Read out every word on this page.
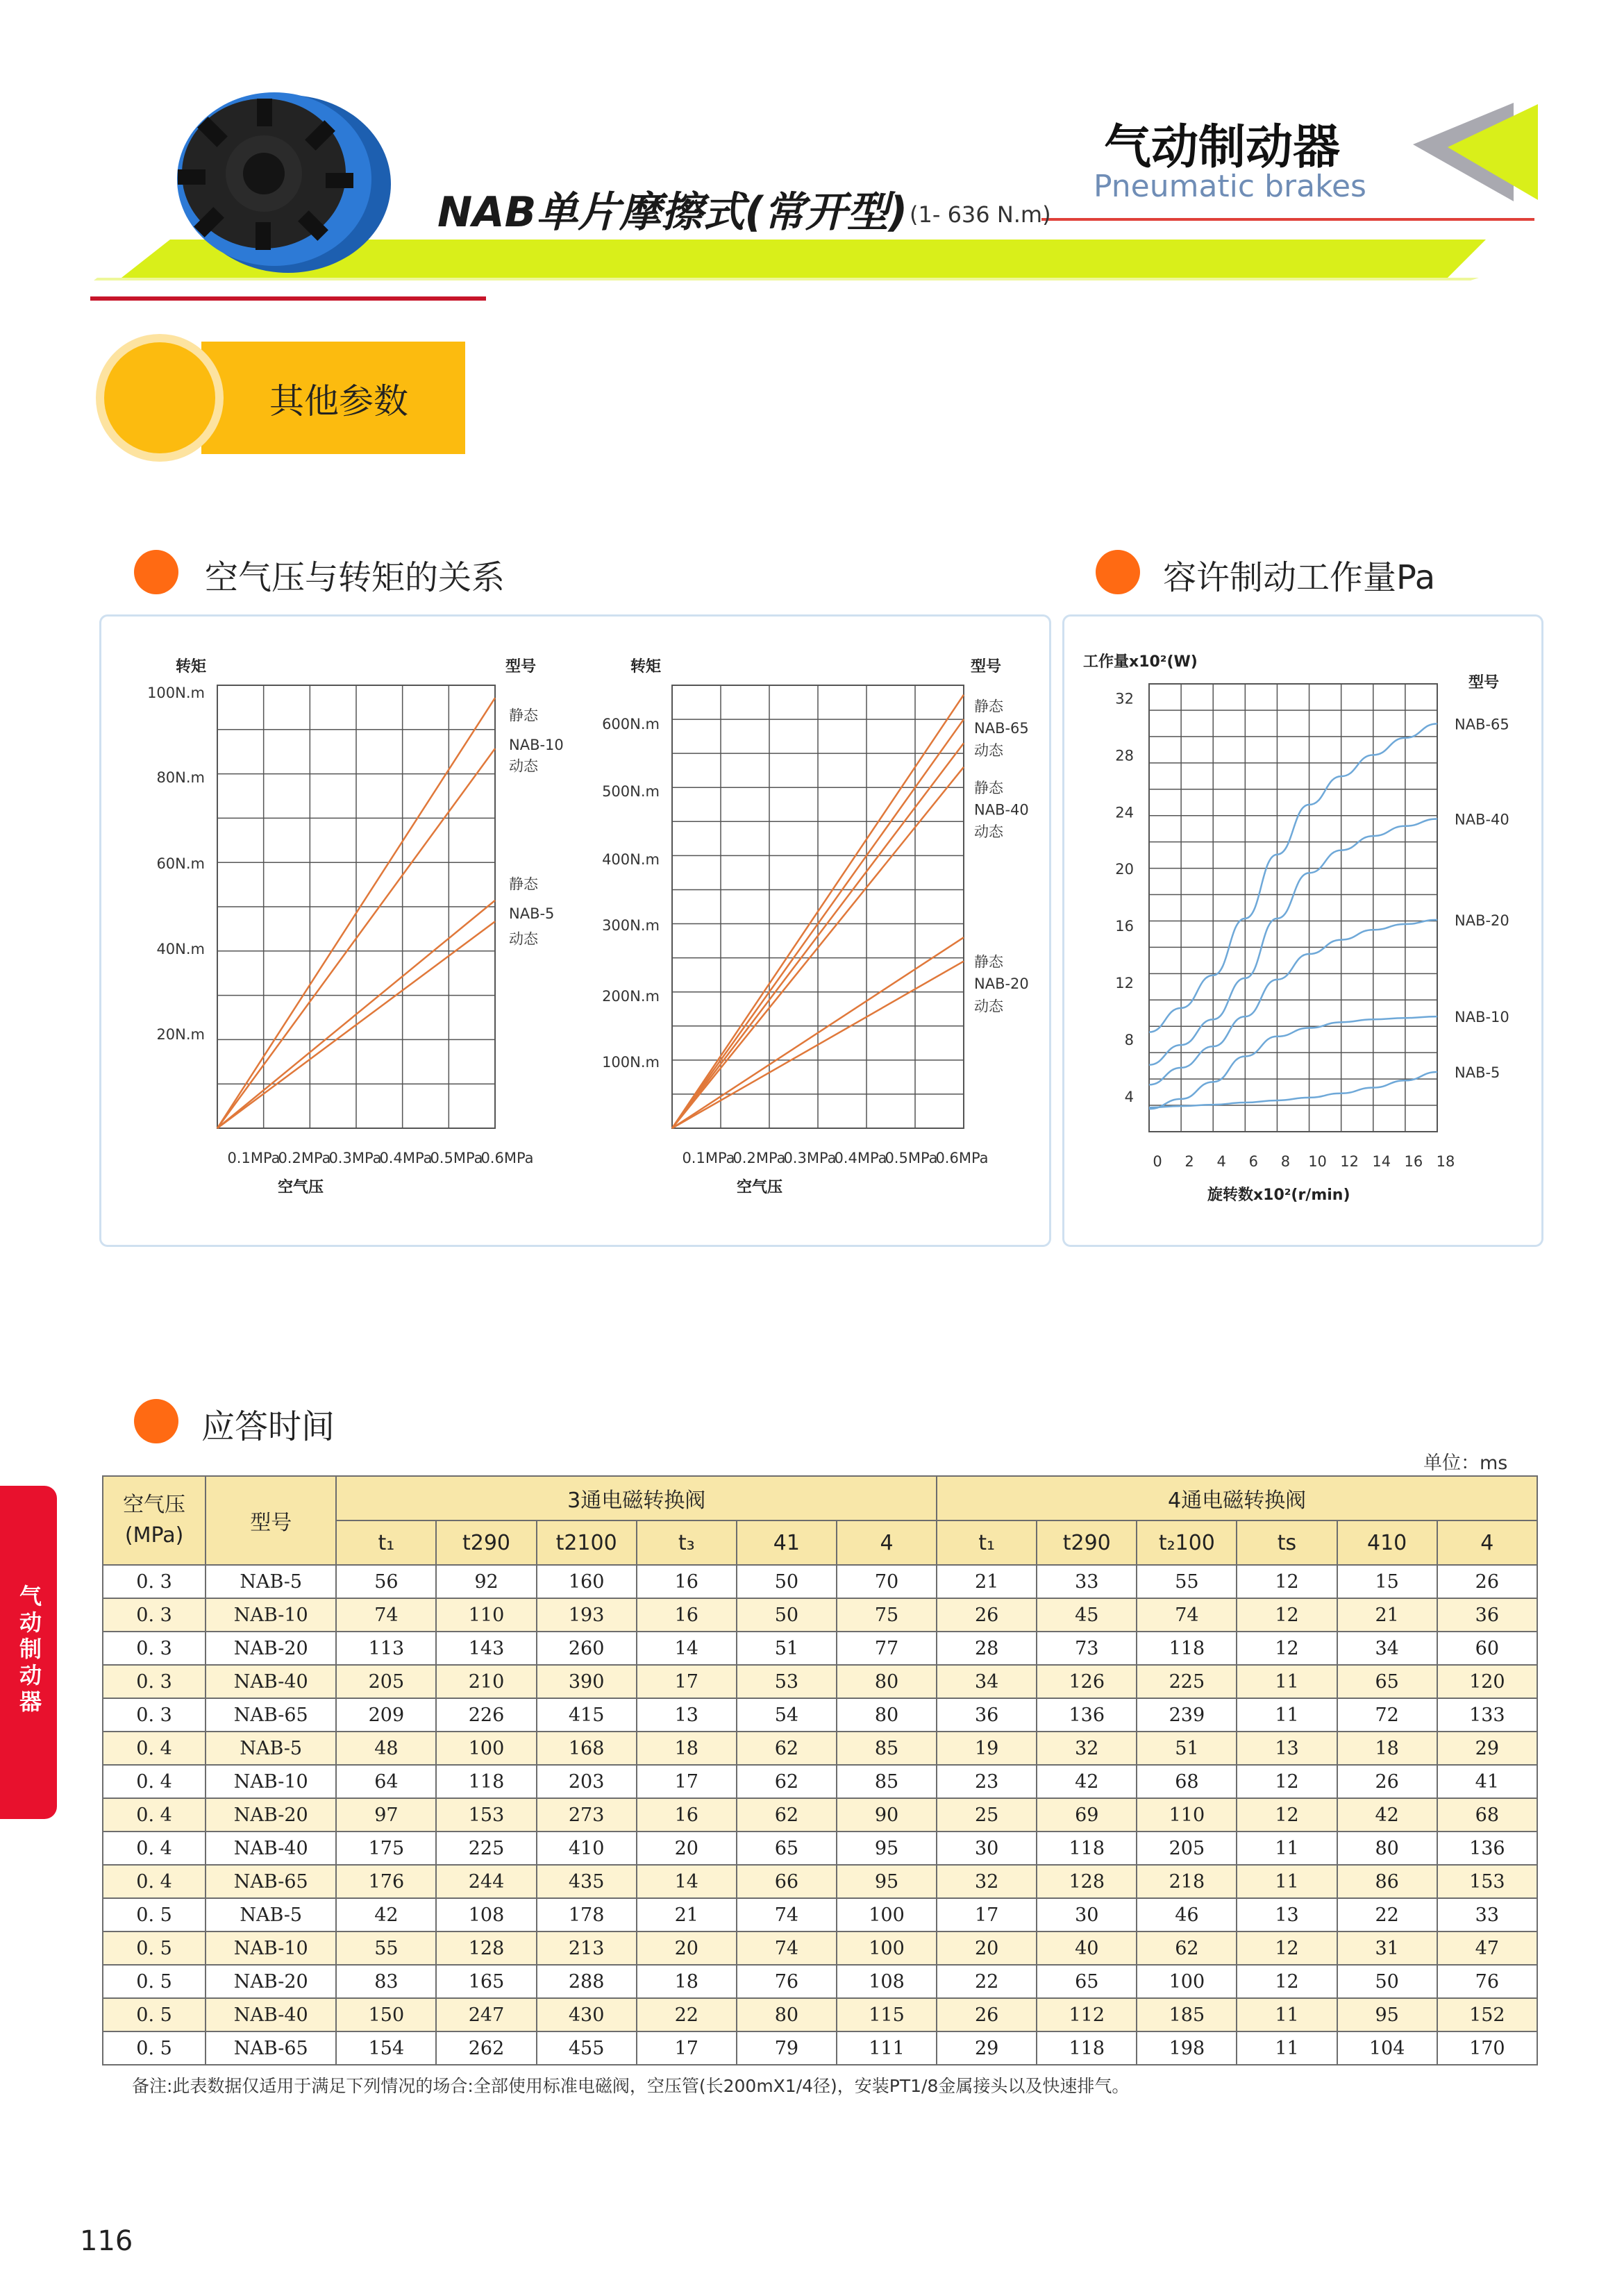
NAB单片摩擦式(常开型) (1- 636 N.m)
气动制动器
Pneumatic brakes
其他参数
空气压与转矩的关系	容许制动工作量Pa
100N.m
80N.m
60N.m
40N.m
20N.m
0.1MPa
0.2MPa
0.3MPa
0.4MPa
0.5MPa
0.6MPa
转矩
空气压
型号
静态
NAB-10
动态
静态
NAB-5
动态
600N.m
500N.m
400N.m
300N.m
200N.m
100N.m
0.1MPa
0.2MPa
0.3MPa
0.4MPa
0.5MPa
0.6MPa
转矩
空气压
型号
静态
NAB-65
动态
静态
NAB-40
动态
静态
NAB-20
动态
NAB-65
NAB-40
NAB-20
NAB-10
NAB-5
32
28
24
20
16
12
8
4
0 2 4 6 8 10 12 14 16 18
工作量x10²(W)
旋转数x10²(r/min)
型号
应答时间
单位：ms
空气压
(MPa)	型号	3通电磁转换阀						4通电磁转换阀					
		t₁	t290	t2100	t₃	41	4	t₁	t290	t₂100	ts	410	4
0. 3	NAB-5	56	92	160	16	50	70	21	33	55	12	15	26
0. 3	NAB-10	74	110	193	16	50	75	26	45	74	12	21	36
0. 3	NAB-20	113	143	260	14	51	77	28	73	118	12	34	60
0. 3	NAB-40	205	210	390	17	53	80	34	126	225	11	65	120
0. 3	NAB-65	209	226	415	13	54	80	36	136	239	11	72	133
0. 4	NAB-5	48	100	168	18	62	85	19	32	51	13	18	29
0. 4	NAB-10	64	118	203	17	62	85	23	42	68	12	26	41
0. 4	NAB-20	97	153	273	16	62	90	25	69	110	12	42	68
0. 4	NAB-40	175	225	410	20	65	95	30	118	205	11	80	136
0. 4	NAB-65	176	244	435	14	66	95	32	128	218	11	86	153
0. 5	NAB-5	42	108	178	21	74	100	17	30	46	13	22	33
0. 5	NAB-10	55	128	213	20	74	100	20	40	62	12	31	47
0. 5	NAB-20	83	165	288	18	76	108	22	65	100	12	50	76
0. 5	NAB-40	150	247	430	22	80	115	26	112	185	11	95	152
0. 5	NAB-65	154	262	455	17	79	111	29	118	198	11	104	170
备注:此表数据仅适用于满足下列情况的场合:全部使用标准电磁阀，空压管(长200mX1/4径)，安装PT1/8金属接头以及快速排气。
116
气
动
制
动
器
